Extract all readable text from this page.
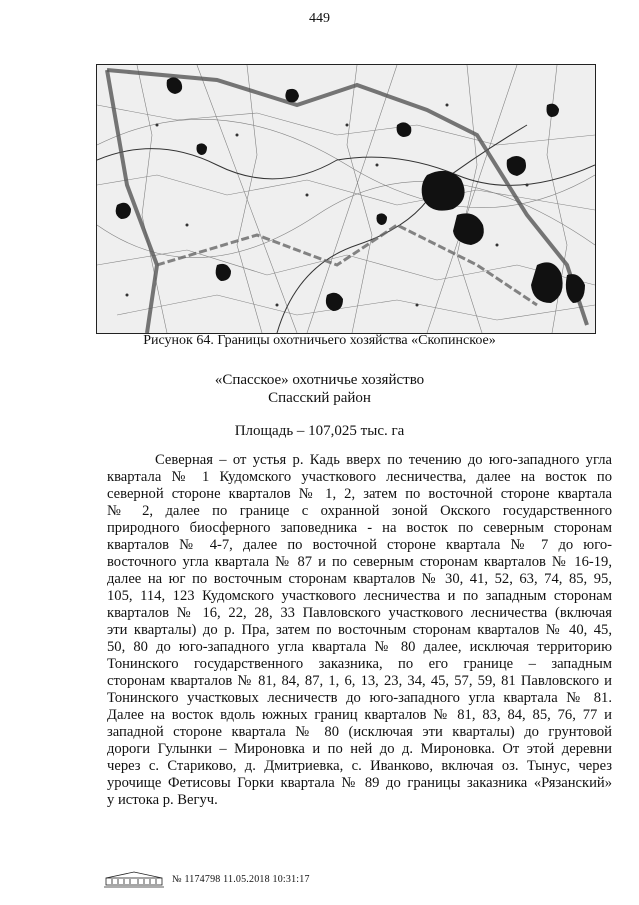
449
Рисунок 64. Границы охотничьего хозяйства «Скопинское»
«Спасское» охотничье хозяйство
Спасский район
Площадь – 107,025 тыс. га
Северная – от устья р. Кадь вверх по течению до юго-западного угла
квартала № 1 Кудомского участкового лесничества, далее на восток по
северной стороне кварталов № 1, 2, затем по восточной стороне квартала
№ 2, далее по границе с охранной зоной Окского государственного
природного биосферного заповедника - на восток по северным сторонам
кварталов № 4-7, далее по восточной стороне квартала № 7 до юго-
восточного угла квартала № 87 и по северным сторонам кварталов № 16-19,
далее на юг по восточным сторонам кварталов № 30, 41, 52, 63, 74, 85, 95,
105, 114, 123 Кудомского участкового лесничества и по западным сторонам
кварталов № 16, 22, 28, 33 Павловского участкового лесничества (включая
эти кварталы) до р. Пра, затем по восточным сторонам кварталов № 40, 45,
50, 80 до юго-западного угла квартала № 80 далее, исключая территорию
Тонинского государственного заказника, по его границе – западным
сторонам кварталов № 81, 84, 87, 1, 6, 13, 23, 34, 45, 57, 59, 81 Павловского и
Тонинского участковых лесничеств до юго-западного угла квартала № 81.
Далее на восток вдоль южных границ кварталов № 81, 83, 84, 85, 76, 77 и
западной стороне квартала № 80 (исключая эти кварталы) до грунтовой
дороги Гулынки – Мироновка и по ней до д. Мироновка. От этой деревни
через с. Стариково, д. Дмитриевка, с. Иванково, включая оз. Тынус, через
урочище Фетисовы Горки квартала № 89 до границы заказника «Рязанский»
у истока р. Вегуч.
№ 1174798 11.05.2018 10:31:17
